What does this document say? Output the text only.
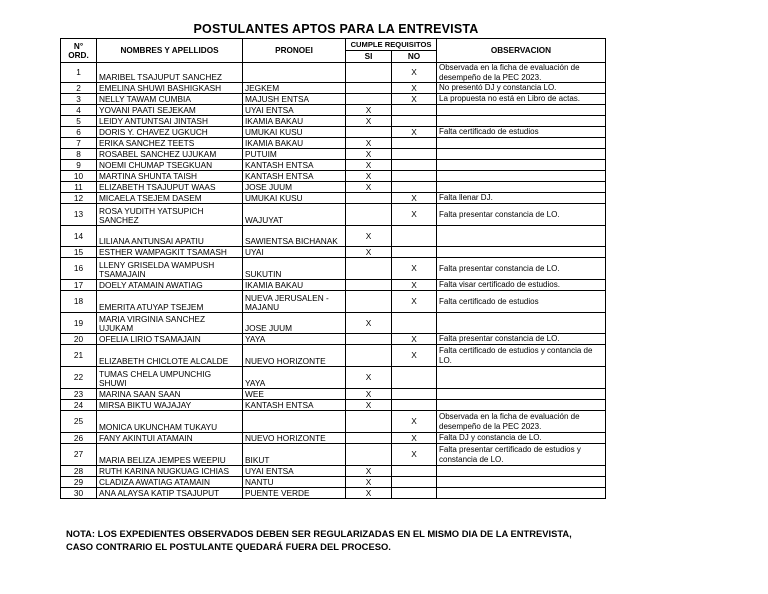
POSTULANTES APTOS PARA LA ENTREVISTA
N°
ORD.	NOMBRES Y APELLIDOS	PRONOEI	CUMPLE REQUISITOS		OBSERVACION
			SI	NO	
1	MARIBEL TSAJUPUT SANCHEZ			X	Observada en la ficha de evaluación de desempeño de la PEC 2023.
2	EMELINA SHUWI BASHIGKASH	JEGKEM		X	No presentó DJ y constancia LO.
3	NELLY TAWAM CUMBIA	MAJUSH ENTSA		X	La propuesta no está en Libro de actas.
4	YOVANI PAATI SEJEKAM	UYAI ENTSA	X		
5	LEIDY ANTUNTSAI JINTASH	IKAMIA BAKAU	X		
6	DORIS Y. CHAVEZ UGKUCH	UMUKAI KUSU		X	Falta certificado de estudios
7	ERIKA SANCHEZ TEETS	IKAMIA BAKAU	X		
8	ROSABEL SANCHEZ UJUKAM	PUTUIM	X		
9	NOEMI CHUMAP TSEGKUAN	KANTASH ENTSA	X		
10	MARTINA SHUNTA TAISH	KANTASH ENTSA	X		
11	ELIZABETH TSAJUPUT WAAS	JOSE JUUM	X		
12	MICAELA TSEJEM DASEM	UMUKAI KUSU		X	Falta llenar DJ.
13	ROSA YUDITH YATSUPICH SANCHEZ	WAJUYAT		X	Falta presentar constancia de LO.
14	LILIANA ANTUNSAI APATIU	SAWIENTSA BICHANAK	X		
15	ESTHER WAMPAGKIT TSAMASH	UYAI	X		
16	LLENY GRISELDA WAMPUSH TSAMAJAIN	SUKUTIN		X	Falta presentar constancia de LO.
17	DOELY ATAMAIN AWATIAG	IKAMIA BAKAU		X	Falta visar certificado de estudios.
18	EMERITA ATUYAP TSEJEM	NUEVA JERUSALEN - MAJANU		X	Falta certificado de estudios
19	MARIA VIRGINIA SANCHEZ UJUKAM	JOSE JUUM	X		
20	OFELIA LIRIO TSAMAJAIN	YAYA		X	Falta presentar constancia de LO.
21	ELIZABETH CHICLOTE ALCALDE	NUEVO HORIZONTE		X	Falta certificado de estudios y contancia de LO.
22	TUMAS CHELA UMPUNCHIG SHUWI	YAYA	X		
23	MARINA SAAN SAAN	WEE	X		
24	MIRSA BIKTU WAJAJAY	KANTASH ENTSA	X		
25	MONICA UKUNCHAM TUKAYU			X	Observada en la ficha de evaluación de desempeño de la PEC 2023.
26	FANY AKINTUI ATAMAIN	NUEVO HORIZONTE		X	Falta DJ y constancia de LO.
27	MARIA BELIZA JEMPES WEEPIU	BIKUT		X	Falta presentar certificado de estudios y constancia de LO.
28	RUTH KARINA NUGKUAG ICHIAS	UYAI ENTSA	X		
29	CLADIZA AWATIAG ATAMAIN	NANTU	X		
30	ANA ALAYSA KATIP TSAJUPUT	PUENTE VERDE	X		
NOTA: LOS EXPEDIENTES OBSERVADOS DEBEN SER REGULARIZADAS EN EL MISMO DIA DE LA ENTREVISTA,
CASO CONTRARIO EL POSTULANTE QUEDARÁ FUERA DEL PROCESO.
